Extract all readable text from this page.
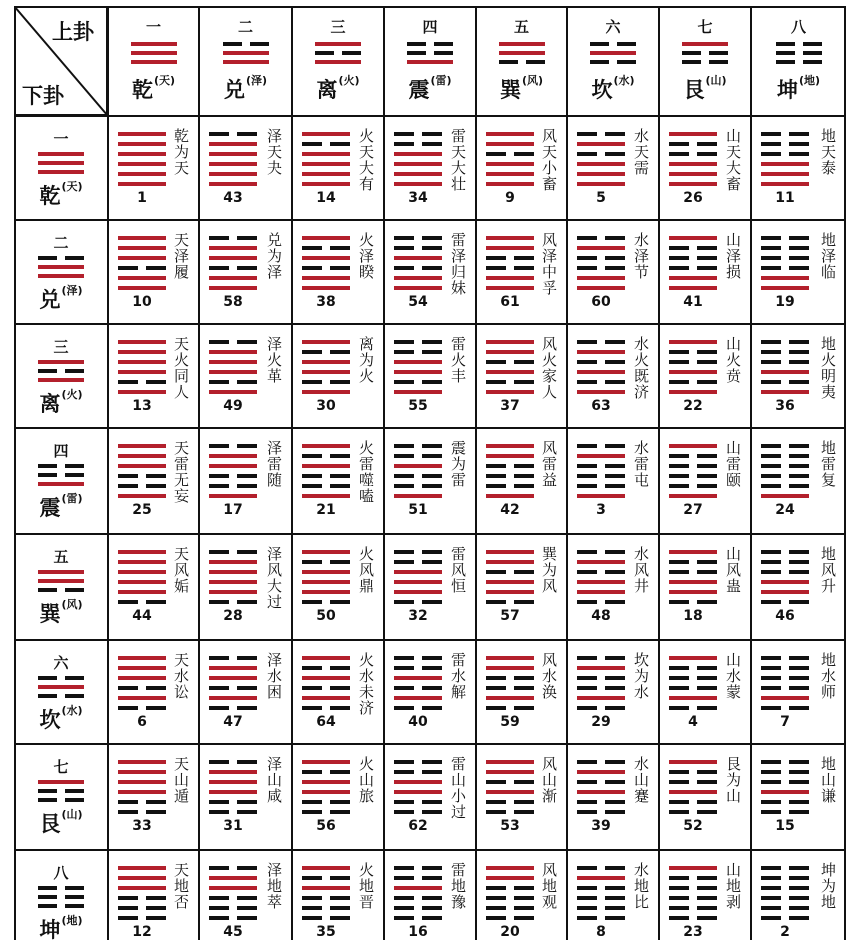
上卦
下卦
一
乾$^{(天)}$
二
兑$^{(泽)}$
三
离$^{(火)}$
四
震$^{(雷)}$
五
巽$^{(风)}$
六
坎$^{(水)}$
七
艮$^{(山)}$
八
坤$^{(地)}$
一
乾$^{(天)}$
二
兑$^{(泽)}$
三
离$^{(火)}$
四
震$^{(雷)}$
五
巽$^{(风)}$
六
坎$^{(水)}$
七
艮$^{(山)}$
八
坤$^{(地)}$
乾为天
1
泽天夬
43
火天大有
14
雷天大壮
34
风天小畜
9
水天需
5
山天大畜
26
地天泰
11
天泽履
10
兑为泽
58
火泽睽
38
雷泽归妹
54
风泽中孚
61
水泽节
60
山泽损
41
地泽临
19
天火同人
13
泽火革
49
离为火
30
雷火丰
55
风火家人
37
水火既济
63
山火贲
22
地火明夷
36
天雷无妄
25
泽雷随
17
火雷噬嗑
21
震为雷
51
风雷益
42
水雷屯
3
山雷颐
27
地雷复
24
天风姤
44
泽风大过
28
火风鼎
50
雷风恒
32
巽为风
57
水风井
48
山风蛊
18
地风升
46
天水讼
6
泽水困
47
火水未济
64
雷水解
40
风水涣
59
坎为水
29
山水蒙
4
地水师
7
天山遁
33
泽山咸
31
火山旅
56
雷山小过
62
风山渐
53
水山蹇
39
艮为山
52
地山谦
15
天地否
12
泽地萃
45
火地晋
35
雷地豫
16
风地观
20
水地比
8
山地剥
23
坤为地
2
